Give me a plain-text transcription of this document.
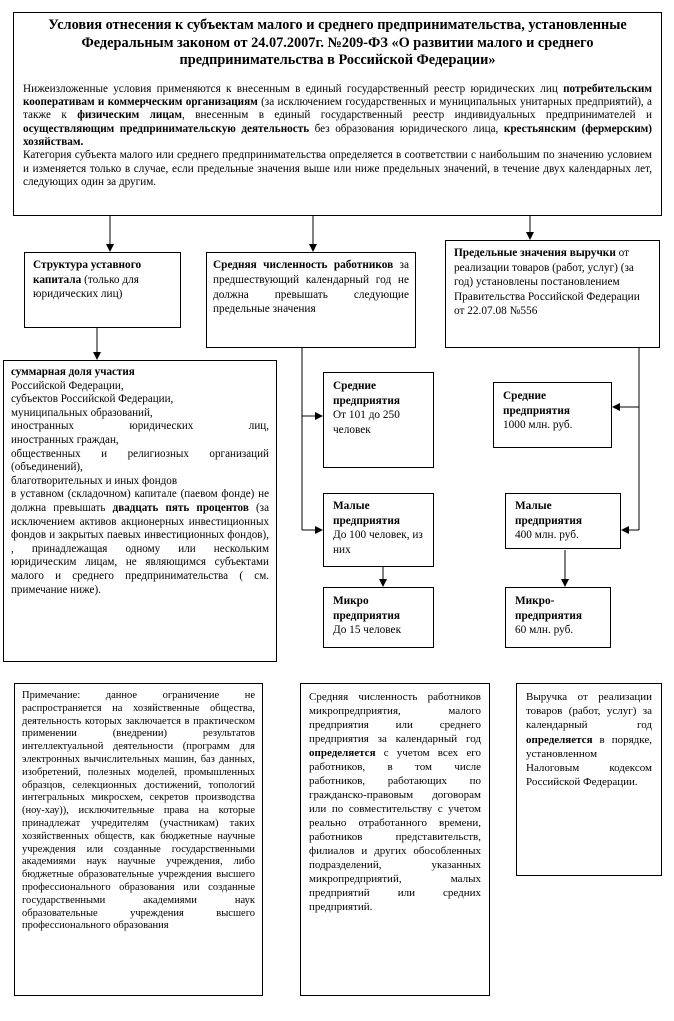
Условия отнесения к субъектам малого и среднего предпринимательства, установленные Федеральным законом от 24.07.2007г. №209-ФЗ «О развитии малого и среднего предпринимательства в Российской Федерации»

Нижеизложенные условия применяются к внесенным в единый государственный реестр юридических лиц потребительским кооперативам и коммерческим организациям (за исключением государственных и муниципальных унитарных предприятий), а также к физическим лицам, внесенным в единый государственный реестр индивидуальных предпринимателей и осуществляющим предпринимательскую деятельность без образования юридического лица, крестьянским (фермерским) хозяйствам.

Категория субъекта малого или среднего предпринимательства определяется в соответствии с наибольшим по значению условием и изменяется только в случае, если предельные значения выше или ниже предельных значений, в течение двух календарных лет, следующих один за другим.

Структура уставного капитала (только для юридических лиц)
Средняя численность работников за предшествующий календарный год не должна превышать следующие предельные значения
Предельные значения выручки от реализации товаров (работ, услуг) (за год) установлены постановлением Правительства Российской Федерации от 22.07.08 №556
суммарная доля участия
Российской Федерации,
субъектов Российской Федерации,
муниципальных образований,
иностранных юридических лиц,
иностранных граждан,
общественных и религиозных организаций (объединений),
благотворительных и иных фондов

в уставном (складочном) капитале (паевом фонде) не должна превышать двадцать пять процентов (за исключением активов акционерных инвестиционных фондов и закрытых паевых инвестиционных фондов), , принадлежащая одному или нескольким юридическим лицам, не являющимся субъектами малого и среднего предпринимательства ( см. примечание ниже).

Средние предприятия
От 101 до 250 человек
Малые предприятия
До 100 человек, из них
Микро предприятия
До 15 человек
Средние предприятия
1000 млн. руб.
Малые предприятия
400 млн. руб.
Микро-предприятия
60 млн. руб.
Примечание: данное ограничение не распространяется на хозяйственные общества, деятельность которых заключается в практическом применении (внедрении) результатов интеллектуальной деятельности (программ для электронных вычислительных машин, баз данных, изобретений, полезных моделей, промышленных образцов, селекционных достижений, топологий интегральных микросхем, секретов производства (ноу-хау)), исключительные права на которые принадлежат учредителям (участникам) таких хозяйственных обществ, как бюджетные научные учреждения или созданные государственными академиями наук научные учреждения, либо бюджетные образовательные учреждения высшего профессионального образования или созданные государственными академиями наук образовательные учреждения высшего профессионального образования
Средняя численность работников микропредприятия, малого предприятия или среднего предприятия за календарный год определяется с учетом всех его работников, в том числе работников, работающих по гражданско-правовым договорам или по совместительству с учетом реально отработанного времени, работников представительств, филиалов и других обособленных подразделений, указанных микропредприятий, малых предприятий или средних предприятий.
Выручка от реализации товаров (работ, услуг) за календарный год определяется в порядке, установленном Налоговым кодексом Российской Федерации.
